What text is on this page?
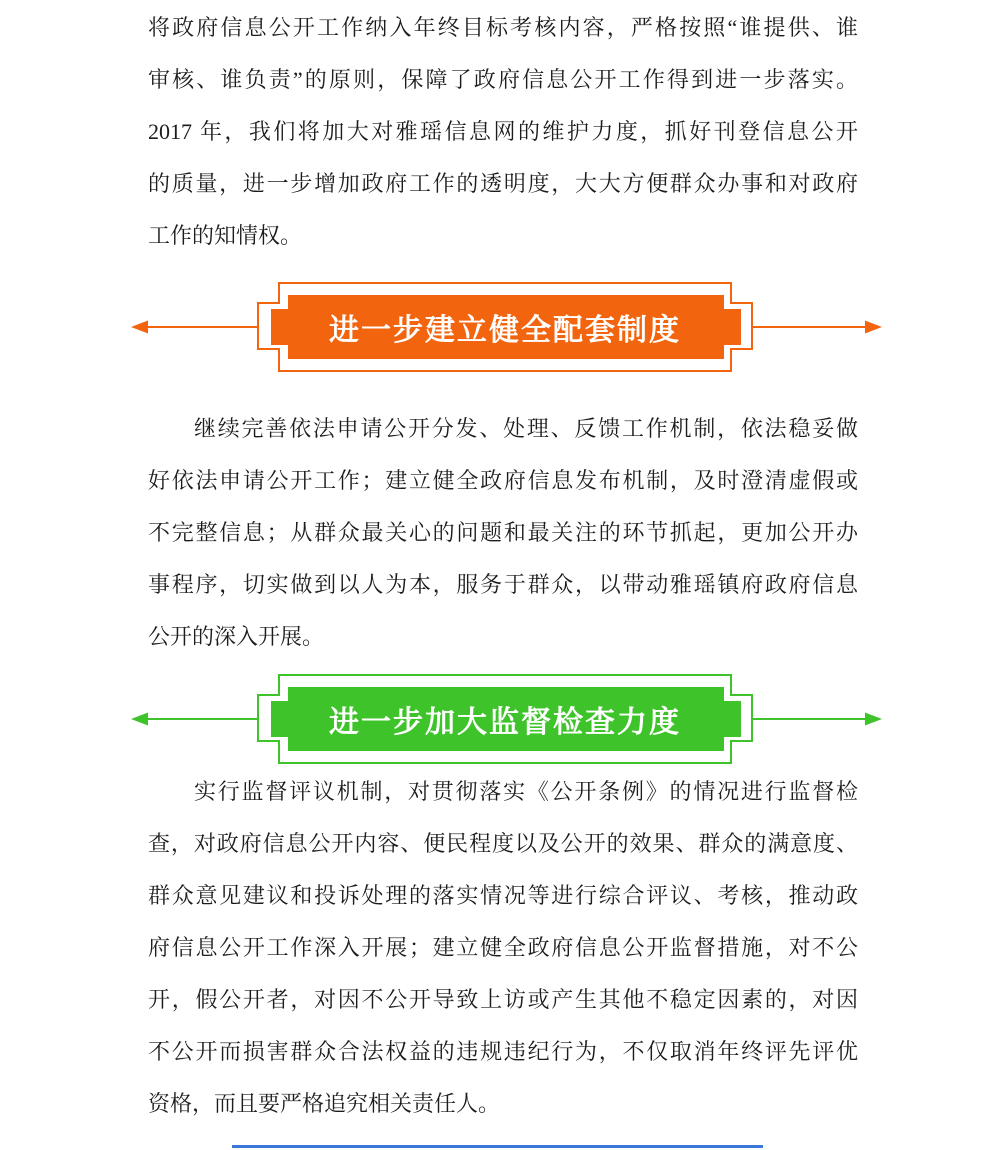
将政府信息公开工作纳入年终目标考核内容，严格按照“谁提供、谁
审核、谁负责”的原则，保障了政府信息公开工作得到进一步落实。
2017 年，我们将加大对雅瑶信息网的维护力度，抓好刊登信息公开
的质量，进一步增加政府工作的透明度，大大方便群众办事和对政府
工作的知情权。
进一步建立健全配套制度
继续完善依法申请公开分发、处理、反馈工作机制，依法稳妥做
好依法申请公开工作；建立健全政府信息发布机制，及时澄清虚假或
不完整信息；从群众最关心的问题和最关注的环节抓起，更加公开办
事程序，切实做到以人为本，服务于群众，以带动雅瑶镇府政府信息
公开的深入开展。
进一步加大监督检查力度
实行监督评议机制，对贯彻落实《公开条例》的情况进行监督检
查，对政府信息公开内容、便民程度以及公开的效果、群众的满意度、
群众意见建议和投诉处理的落实情况等进行综合评议、考核，推动政
府信息公开工作深入开展；建立健全政府信息公开监督措施，对不公
开，假公开者，对因不公开导致上访或产生其他不稳定因素的，对因
不公开而损害群众合法权益的违规违纪行为，不仅取消年终评先评优
资格，而且要严格追究相关责任人。
